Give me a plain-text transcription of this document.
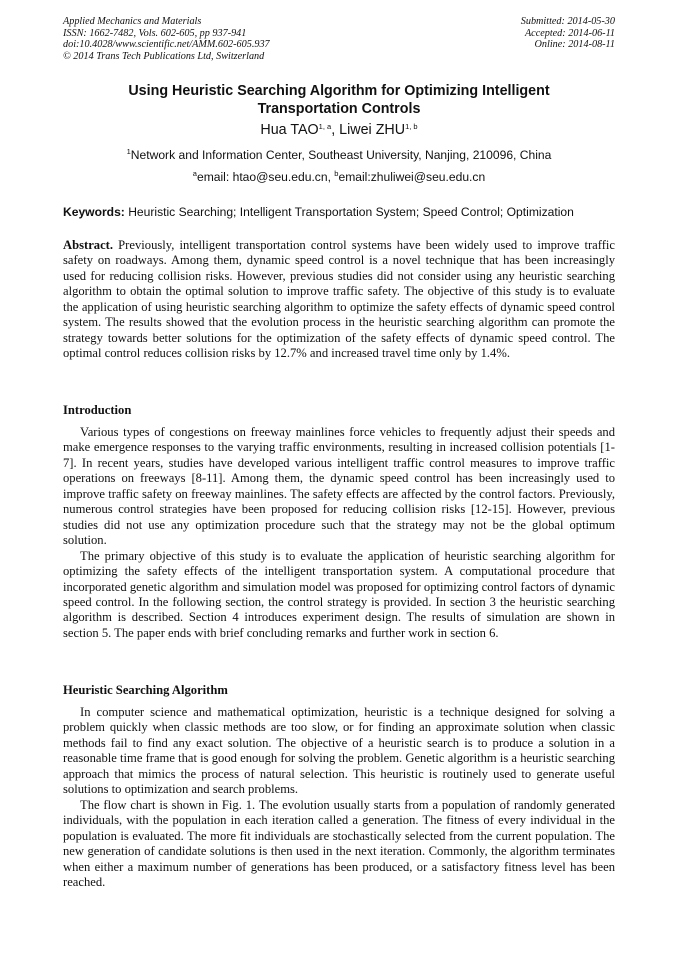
Applied Mechanics and Materials
ISSN: 1662-7482, Vols. 602-605, pp 937-941
doi:10.4028/www.scientific.net/AMM.602-605.937
© 2014 Trans Tech Publications Ltd, Switzerland
Submitted: 2014-05-30
Accepted: 2014-06-11
Online: 2014-08-11
Using Heuristic Searching Algorithm for Optimizing Intelligent
Transportation Controls
Hua TAO$^{1, a}$, Liwei ZHU$^{1, b}$
$^1$Network and Information Center, Southeast University, Nanjing, 210096, China
$^a$email: htao@seu.edu.cn, $^b$email:zhuliwei@seu.edu.cn
Keywords: Heuristic Searching; Intelligent Transportation System; Speed Control; Optimization
Abstract. Previously, intelligent transportation control systems have been widely used to improve traffic safety on roadways. Among them, dynamic speed control is a novel technique that has been increasingly used for reducing collision risks. However, previous studies did not consider using any heuristic searching algorithm to obtain the optimal solution to improve traffic safety. The objective of this study is to evaluate the application of using heuristic searching algorithm to optimize the safety effects of dynamic speed control system. The results showed that the evolution process in the heuristic searching algorithm can promote the strategy towards better solutions for the optimization of the safety effects of dynamic speed control. The optimal control reduces collision risks by 12.7% and increased travel time only by 1.4%.
Introduction

Various types of congestions on freeway mainlines force vehicles to frequently adjust their speeds and make emergence responses to the varying traffic environments, resulting in increased collision potentials [1-7]. In recent years, studies have developed various intelligent traffic control measures to improve traffic operations on freeways [8-11]. Among them, the dynamic speed control has been increasingly used to improve traffic safety on freeway mainlines. The safety effects are affected by the control factors. Previously, numerous control strategies have been proposed for reducing collision risks [12-15]. However, previous studies did not use any optimization procedure such that the strategy may not be the global optimum solution.

The primary objective of this study is to evaluate the application of heuristic searching algorithm for optimizing the safety effects of the intelligent transportation system. A computational procedure that incorporated genetic algorithm and simulation model was proposed for optimizing control factors of dynamic speed control. In the following section, the control strategy is provided. In section 3 the heuristic searching algorithm is described. Section 4 introduces experiment design. The results of simulation are shown in section 5. The paper ends with brief concluding remarks and further work in section 6.

Heuristic Searching Algorithm

In computer science and mathematical optimization, heuristic is a technique designed for solving a problem quickly when classic methods are too slow, or for finding an approximate solution when classic methods fail to find any exact solution. The objective of a heuristic search is to produce a solution in a reasonable time frame that is good enough for solving the problem. Genetic algorithm is a heuristic searching approach that mimics the process of natural selection. This heuristic is routinely used to generate useful solutions to optimization and search problems.

The flow chart is shown in Fig. 1. The evolution usually starts from a population of randomly generated individuals, with the population in each iteration called a generation. The fitness of every individual in the population is evaluated. The more fit individuals are stochastically selected from the current population. The new generation of candidate solutions is then used in the next iteration. Commonly, the algorithm terminates when either a maximum number of generations has been produced, or a satisfactory fitness level has been reached.
